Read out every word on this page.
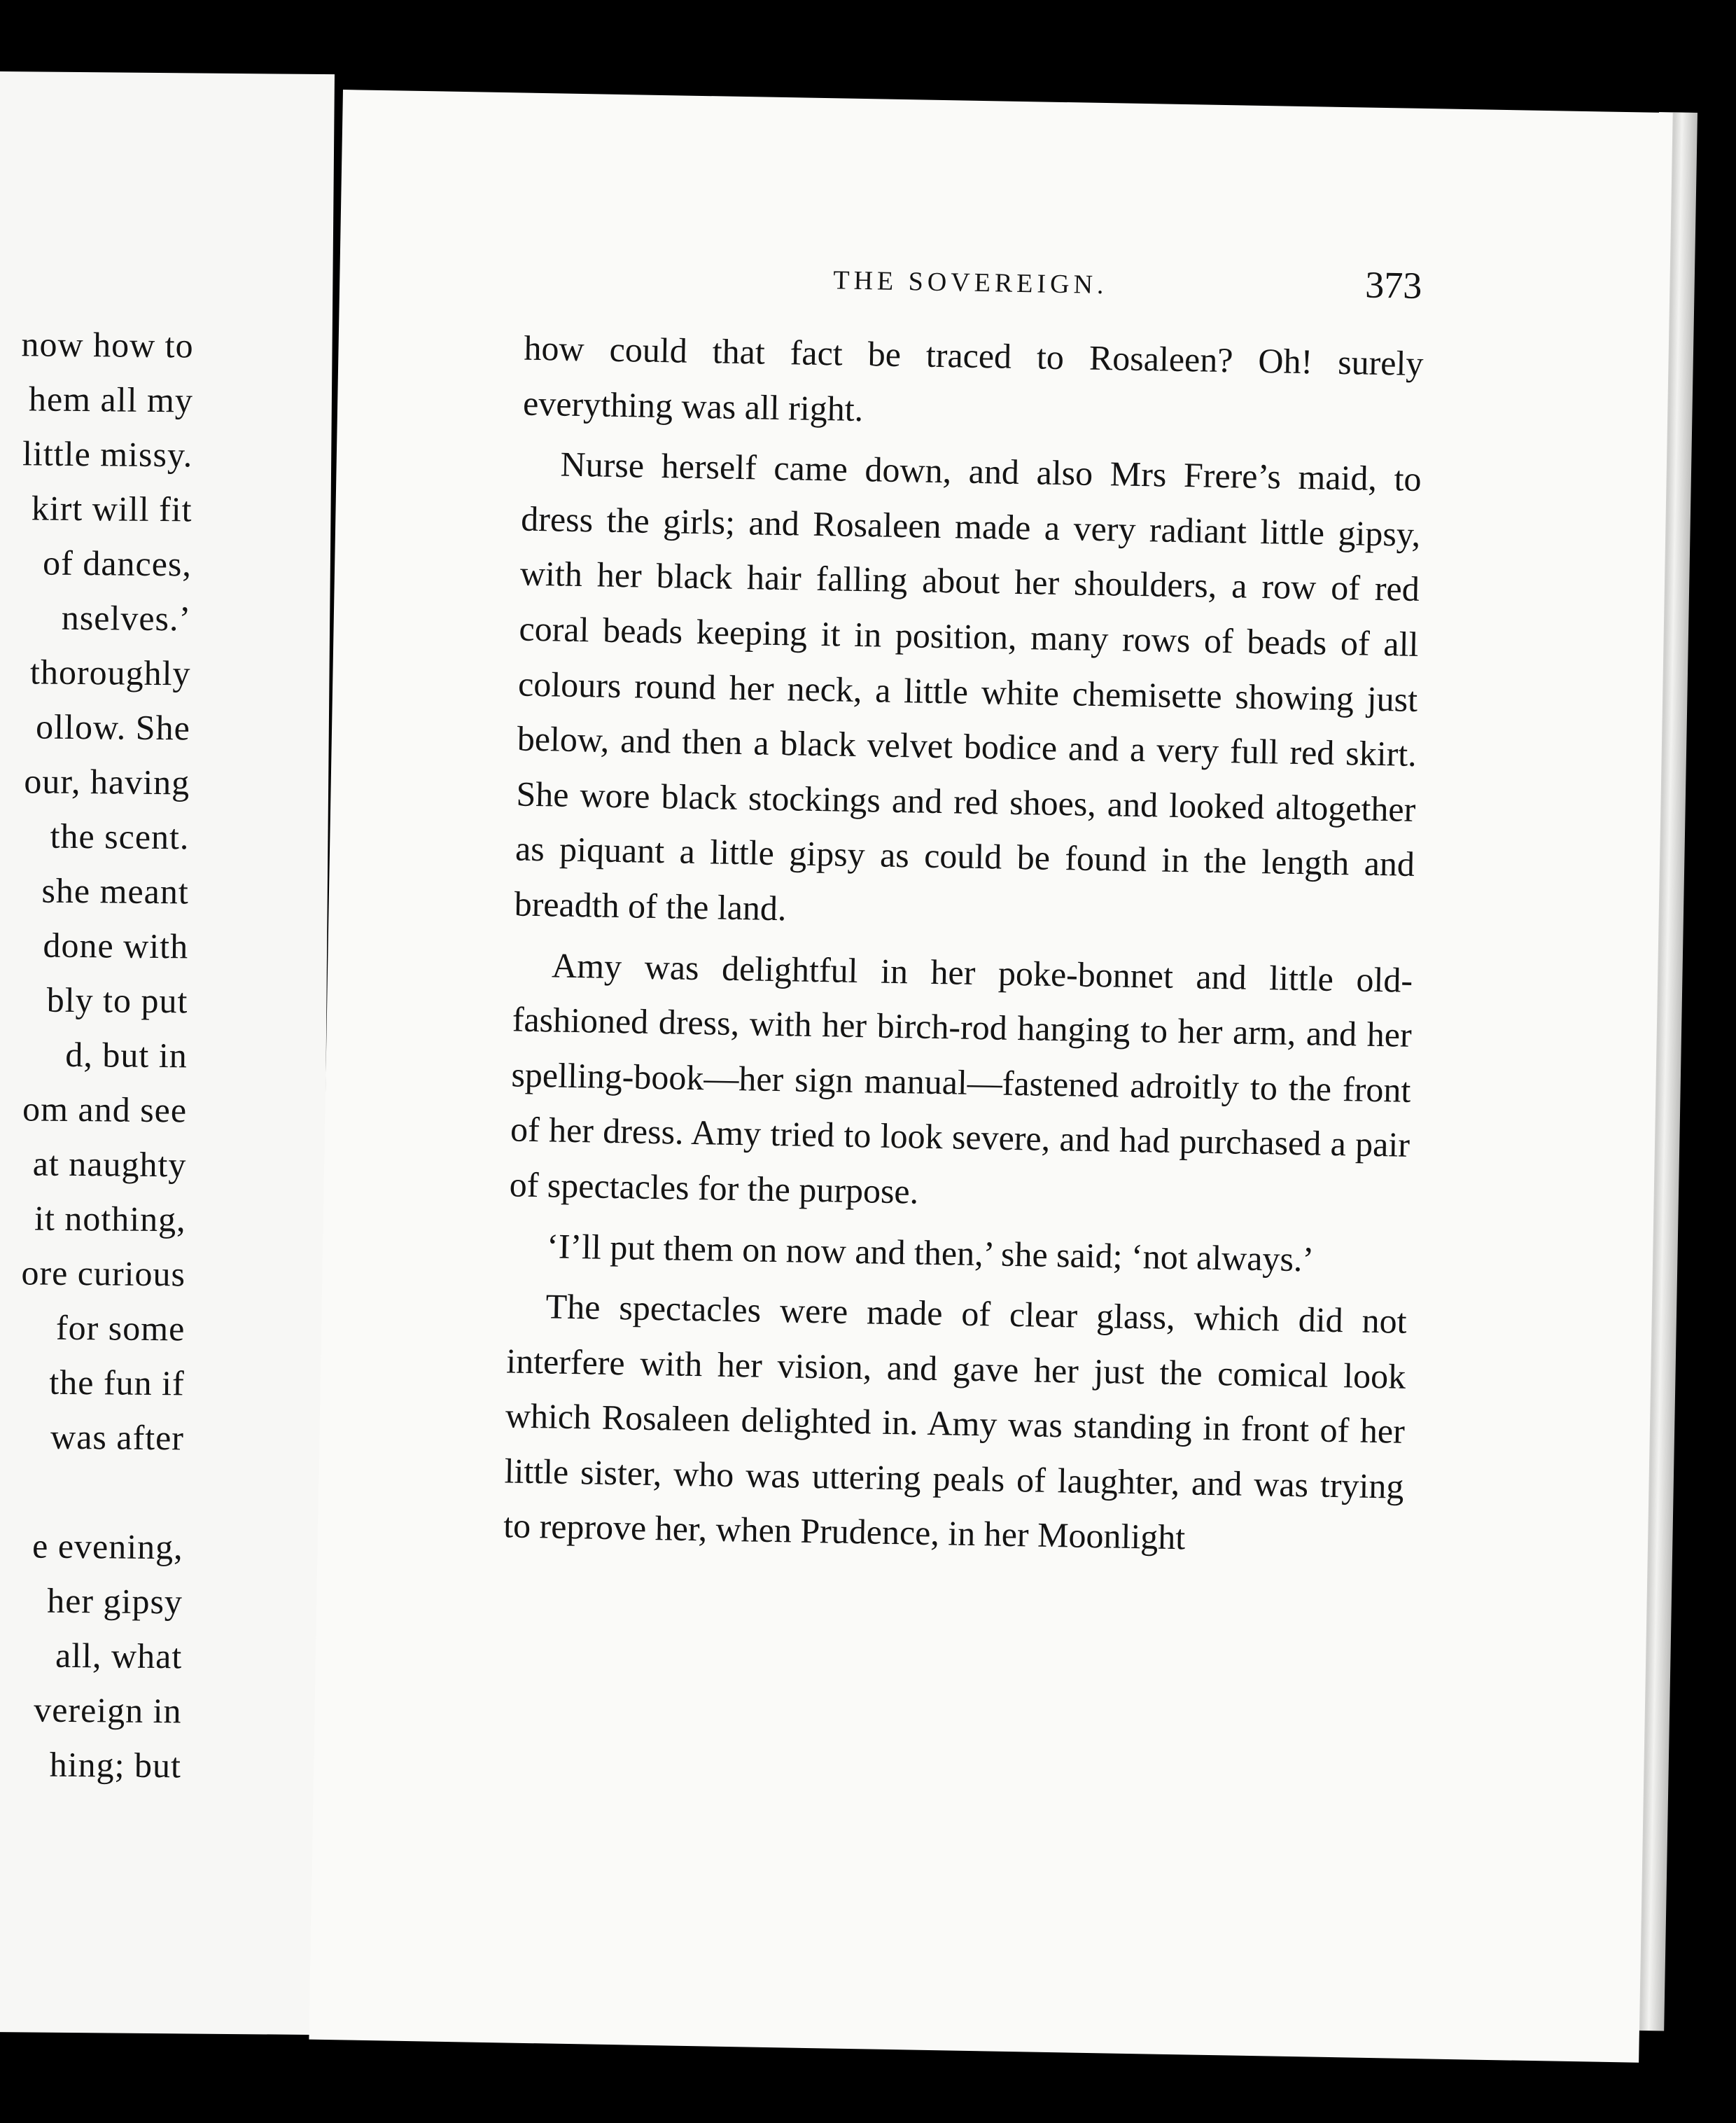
now how to
hem all my
little missy.
kirt will fit
of dances,
nselves.’
thoroughly
ollow. She
our, having
the scent.
she meant
done with
bly to put
d, but in
om and see
at naughty
it nothing,
ore curious
for some
the fun if
was after

e evening,
her gipsy
all, what
vereign in
hing; but
THE SOVEREIGN.	373

how could that fact be traced to Rosaleen? Oh! surely everything was all right.

Nurse herself came down, and also Mrs Frere’s maid, to dress the girls; and Rosaleen made a very radiant little gipsy, with her black hair falling about her shoulders, a row of red coral beads keeping it in position, many rows of beads of all colours round her neck, a little white chemisette showing just below, and then a black velvet bodice and a very full red skirt. She wore black stockings and red shoes, and looked altogether as piquant a little gipsy as could be found in the length and breadth of the land.

Amy was delightful in her poke-bonnet and little old-fashioned dress, with her birch-rod hanging to her arm, and her spelling-book—her sign manual—fastened adroitly to the front of her dress. Amy tried to look severe, and had purchased a pair of spectacles for the purpose.

‘I’ll put them on now and then,’ she said; ‘not always.’

The spectacles were made of clear glass, which did not interfere with her vision, and gave her just the comical look which Rosaleen delighted in. Amy was standing in front of her little sister, who was uttering peals of laughter, and was trying to reprove her, when Prudence, in her Moonlight
